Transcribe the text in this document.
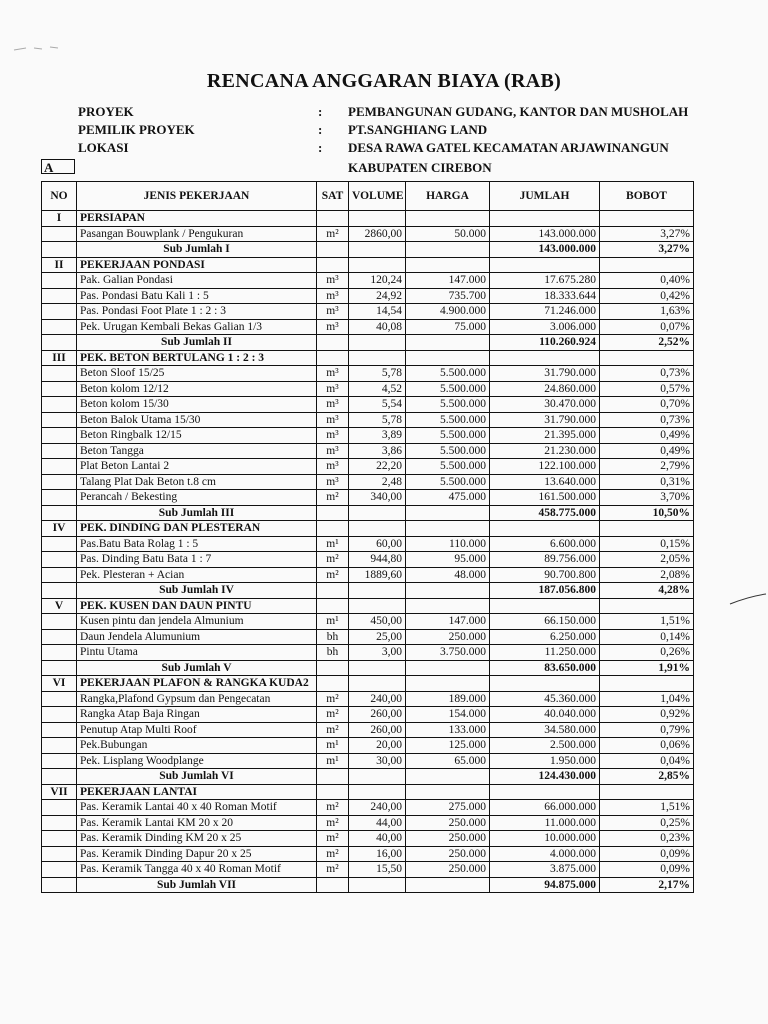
RENCANA ANGGARAN BIAYA (RAB)
PROYEK	: PEMBANGUNAN GUDANG, KANTOR DAN MUSHOLAH
PEMILIK PROYEK	: PT.SANGHIANG LAND
LOKASI	: DESA RAWA GATEL KECAMATAN ARJAWINANGUN
KABUPATEN CIREBON
A
NO	JENIS PEKERJAAN	SAT	VOLUME	HARGA	JUMLAH	BOBOT
I	PERSIAPAN					
	Pasangan Bouwplank / Pengukuran	m²	2860,00	50.000	143.000.000	3,27%
	Sub Jumlah I				143.000.000	3,27%
II	PEKERJAAN PONDASI					
	Pak. Galian Pondasi	m³	120,24	147.000	17.675.280	0,40%
	Pas. Pondasi Batu Kali 1 : 5	m³	24,92	735.700	18.333.644	0,42%
	Pas. Pondasi Foot Plate 1 : 2 : 3	m³	14,54	4.900.000	71.246.000	1,63%
	Pek. Urugan Kembali Bekas Galian 1/3	m³	40,08	75.000	3.006.000	0,07%
	Sub Jumlah II				110.260.924	2,52%
III	PEK. BETON BERTULANG 1 : 2 : 3					
	Beton Sloof 15/25	m³	5,78	5.500.000	31.790.000	0,73%
	Beton kolom 12/12	m³	4,52	5.500.000	24.860.000	0,57%
	Beton kolom 15/30	m³	5,54	5.500.000	30.470.000	0,70%
	Beton Balok Utama 15/30	m³	5,78	5.500.000	31.790.000	0,73%
	Beton Ringbalk 12/15	m³	3,89	5.500.000	21.395.000	0,49%
	Beton Tangga	m³	3,86	5.500.000	21.230.000	0,49%
	Plat Beton Lantai 2	m³	22,20	5.500.000	122.100.000	2,79%
	Talang Plat Dak Beton t.8 cm	m³	2,48	5.500.000	13.640.000	0,31%
	Perancah / Bekesting	m²	340,00	475.000	161.500.000	3,70%
	Sub Jumlah III				458.775.000	10,50%
IV	PEK. DINDING DAN PLESTERAN					
	Pas.Batu Bata Rolag 1 : 5	m¹	60,00	110.000	6.600.000	0,15%
	Pas. Dinding Batu Bata 1 : 7	m²	944,80	95.000	89.756.000	2,05%
	Pek. Plesteran + Acian	m²	1889,60	48.000	90.700.800	2,08%
	Sub Jumlah IV				187.056.800	4,28%
V	PEK. KUSEN DAN DAUN PINTU					
	Kusen pintu dan jendela Almunium	m¹	450,00	147.000	66.150.000	1,51%
	Daun Jendela Alumunium	bh	25,00	250.000	6.250.000	0,14%
	Pintu Utama	bh	3,00	3.750.000	11.250.000	0,26%
	Sub Jumlah V				83.650.000	1,91%
VI	PEKERJAAN PLAFON & RANGKA KUDA2					
	Rangka,Plafond Gypsum dan Pengecatan	m²	240,00	189.000	45.360.000	1,04%
	Rangka Atap Baja Ringan	m²	260,00	154.000	40.040.000	0,92%
	Penutup Atap Multi Roof	m²	260,00	133.000	34.580.000	0,79%
	Pek.Bubungan	m¹	20,00	125.000	2.500.000	0,06%
	Pek. Lisplang Woodplange	m¹	30,00	65.000	1.950.000	0,04%
	Sub Jumlah VI				124.430.000	2,85%
VII	PEKERJAAN LANTAI					
	Pas. Keramik Lantai 40 x 40 Roman Motif	m²	240,00	275.000	66.000.000	1,51%
	Pas. Keramik Lantai KM 20 x 20	m²	44,00	250.000	11.000.000	0,25%
	Pas. Keramik Dinding KM 20 x 25	m²	40,00	250.000	10.000.000	0,23%
	Pas. Keramik Dinding Dapur 20 x 25	m²	16,00	250.000	4.000.000	0,09%
	Pas. Keramik Tangga 40 x 40 Roman Motif	m²	15,50	250.000	3.875.000	0,09%
	Sub Jumlah VII				94.875.000	2,17%
